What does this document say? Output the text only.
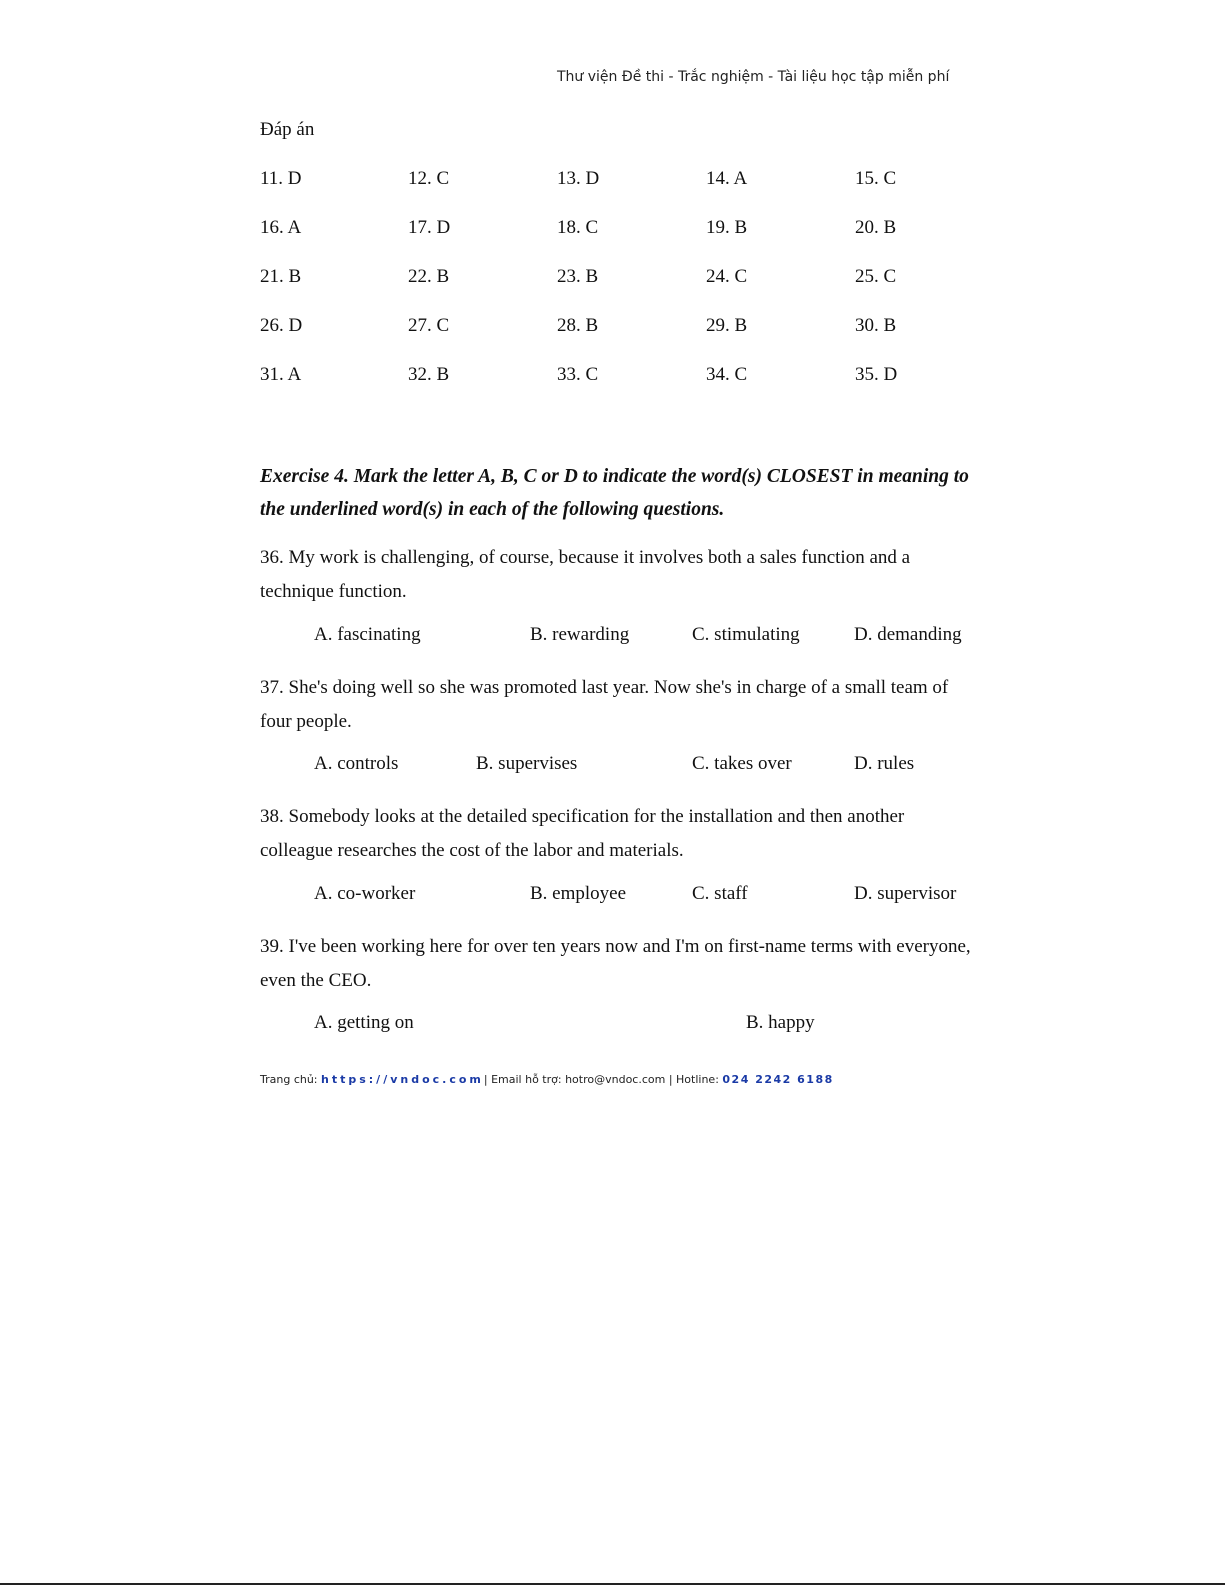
Thư viện Đề thi - Trắc nghiệm - Tài liệu học tập miễn phí
Đáp án
11. D	12. C	13. D	14. A	15. C
16. A	17. D	18. C	19. B	20. B
21. B	22. B	23. B	24. C	25. C
26. D	27. C	28. B	29. B	30. B
31. A	32. B	33. C	34. C	35. D
Exercise 4. Mark the letter A, B, C or D to indicate the word(s) CLOSEST in meaning to the underlined word(s) in each of the following questions.
36. My work is challenging, of course, because it involves both a sales function and a technique function.
A. fascinating	B. rewarding	C. stimulating	D. demanding
37. She's doing well so she was promoted last year. Now she's in charge of a small team of four people.
A. controls	B. supervises	C. takes over	D. rules
38. Somebody looks at the detailed specification for the installation and then another colleague researches the cost of the labor and materials.
A. co-worker	B. employee	C. staff	D. supervisor
39. I've been working here for over ten years now and I'm on first-name terms with everyone, even the CEO.
A. getting on	B. happy
Trang chủ: https://vndoc.com| Email hỗ trợ: hotro@vndoc.com | Hotline: 024 2242 6188
